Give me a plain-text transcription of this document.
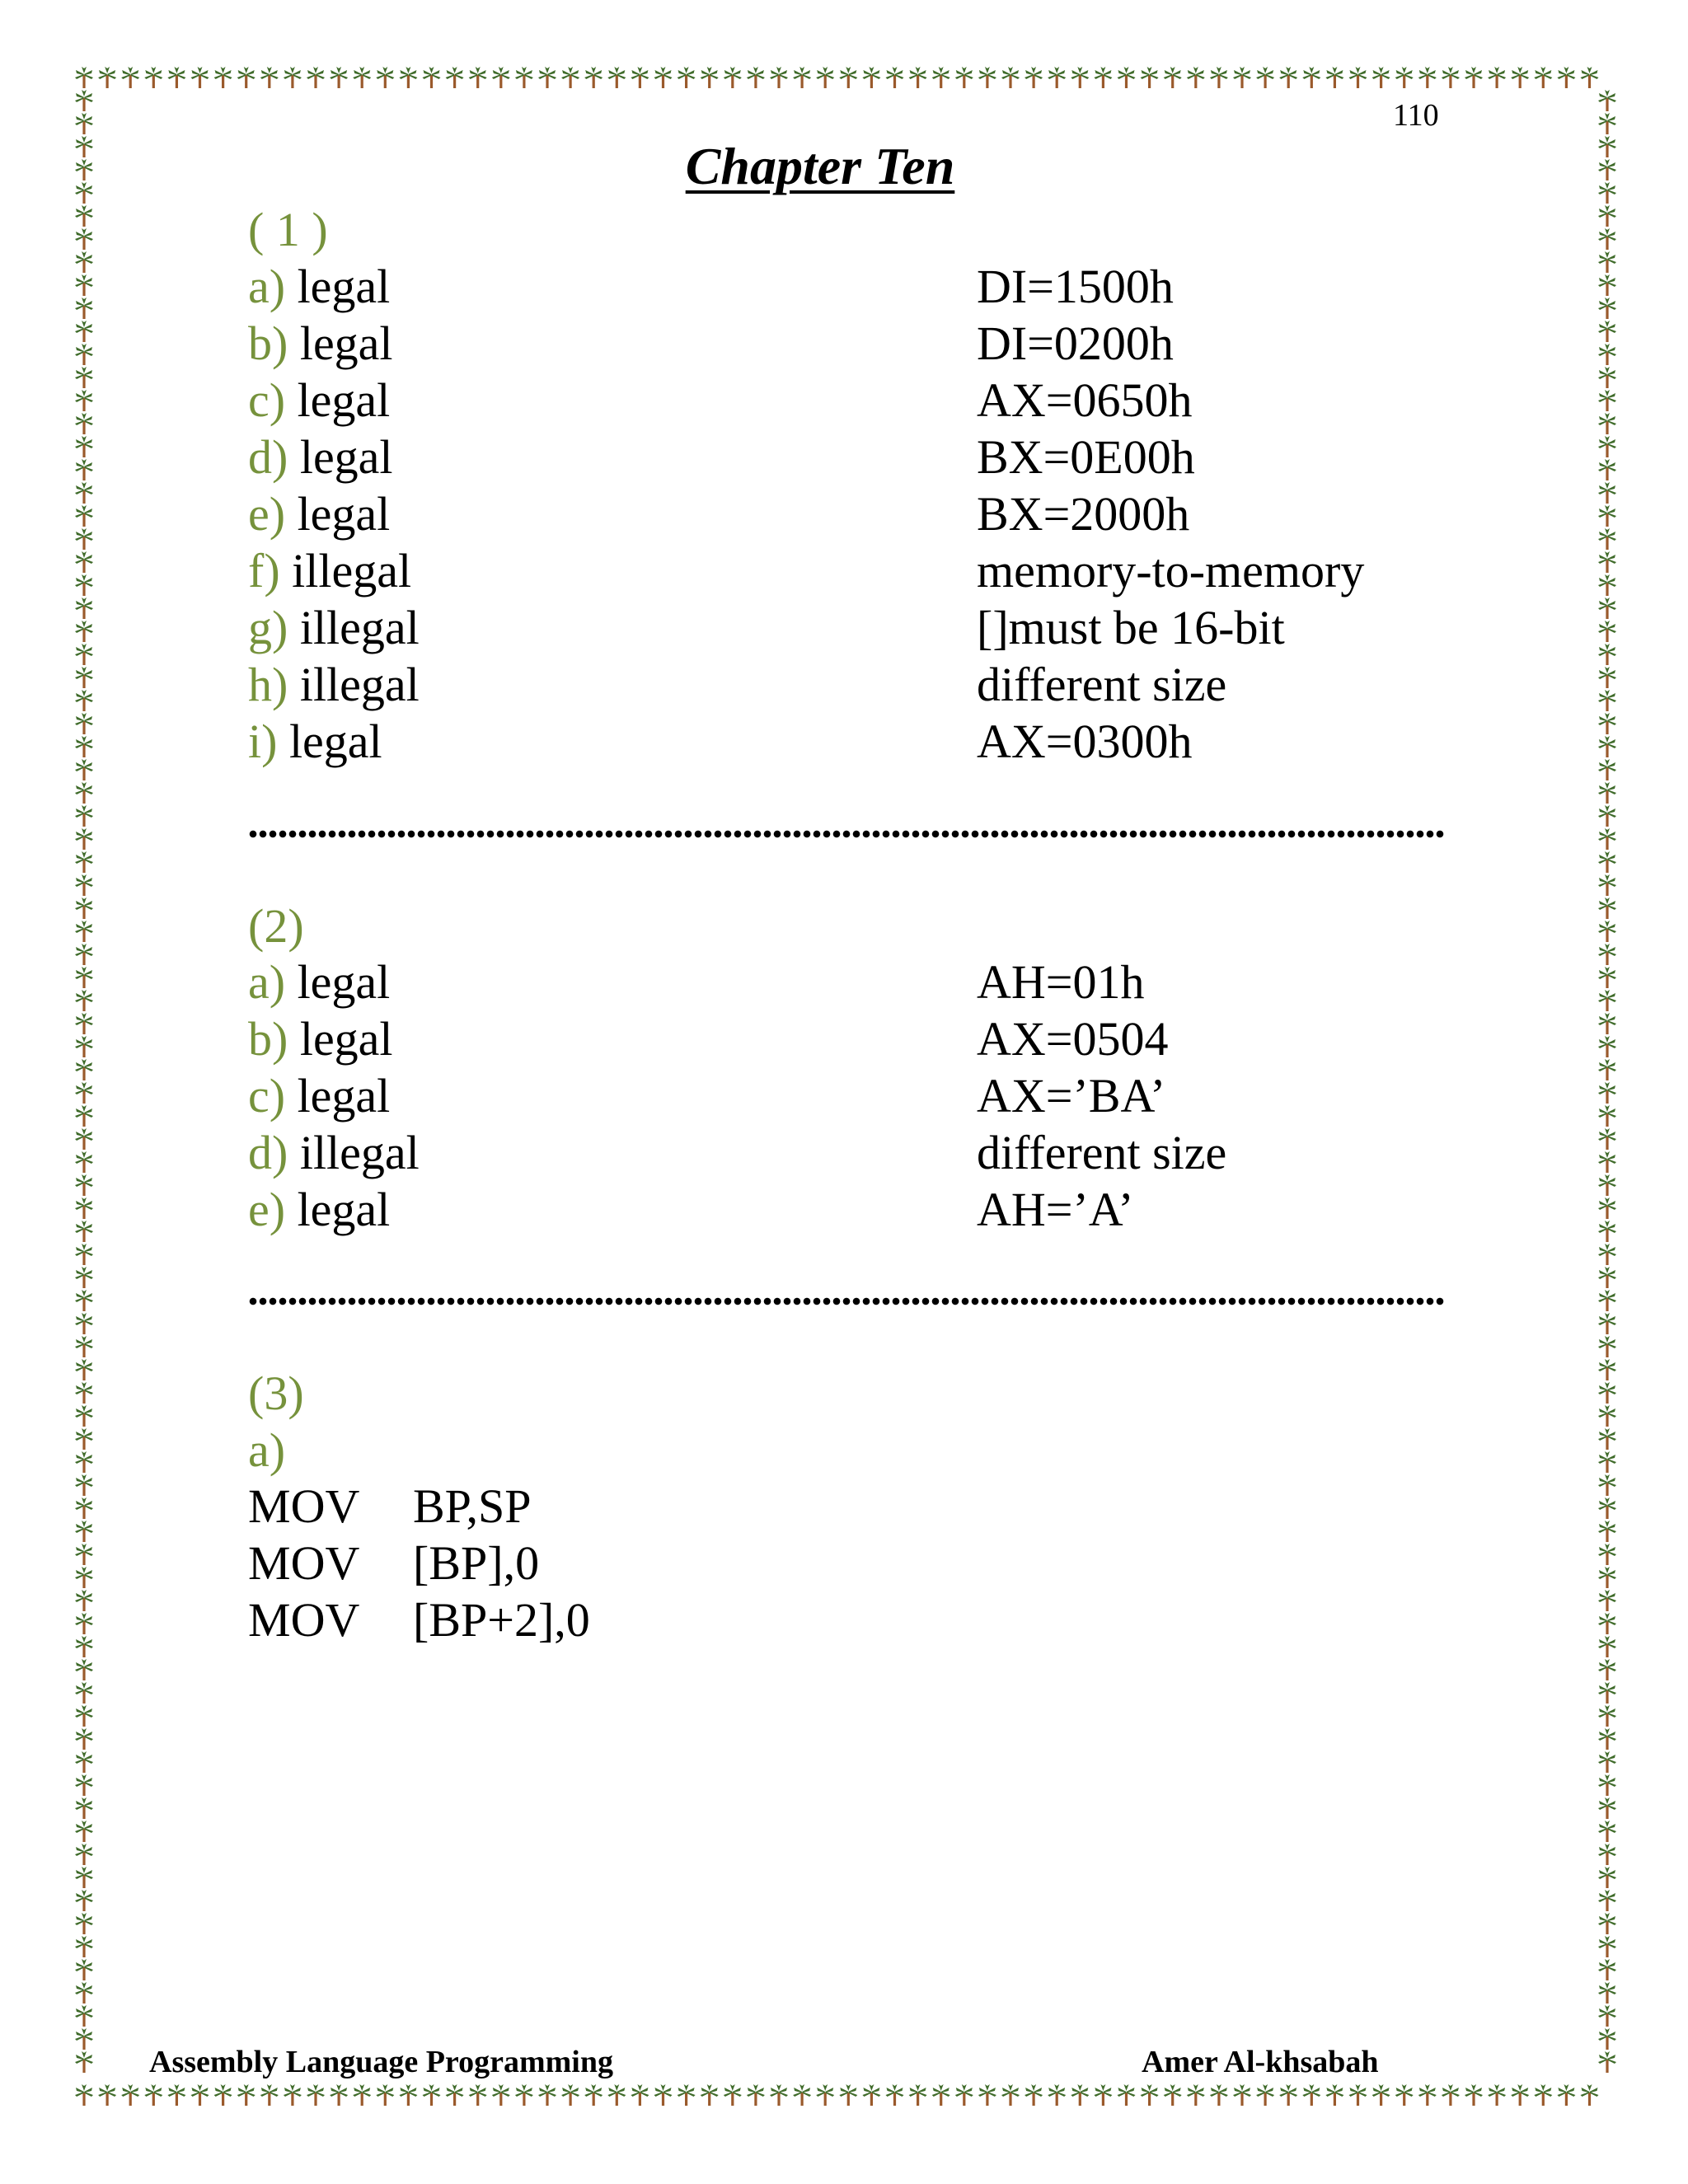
110
Chapter Ten
( 1 )
a) legal	DI=1500h
b) legal	DI=0200h
c) legal	AX=0650h
d) legal	BX=0E00h
e) legal	BX=2000h
f) illegal	memory-to-memory
g) illegal	[]must be 16-bit
h) illegal	different size
i) legal	AX=0300h
(2)
a) legal	AH=01h
b) legal	AX=0504
c) legal	AX=’BA’
d) illegal	different size
e) legal	AH=’A’
(3)
a)
MOV BP,SP
MOV [BP],0
MOV [BP+2],0
Assembly Language Programming	Amer Al-khsabah
